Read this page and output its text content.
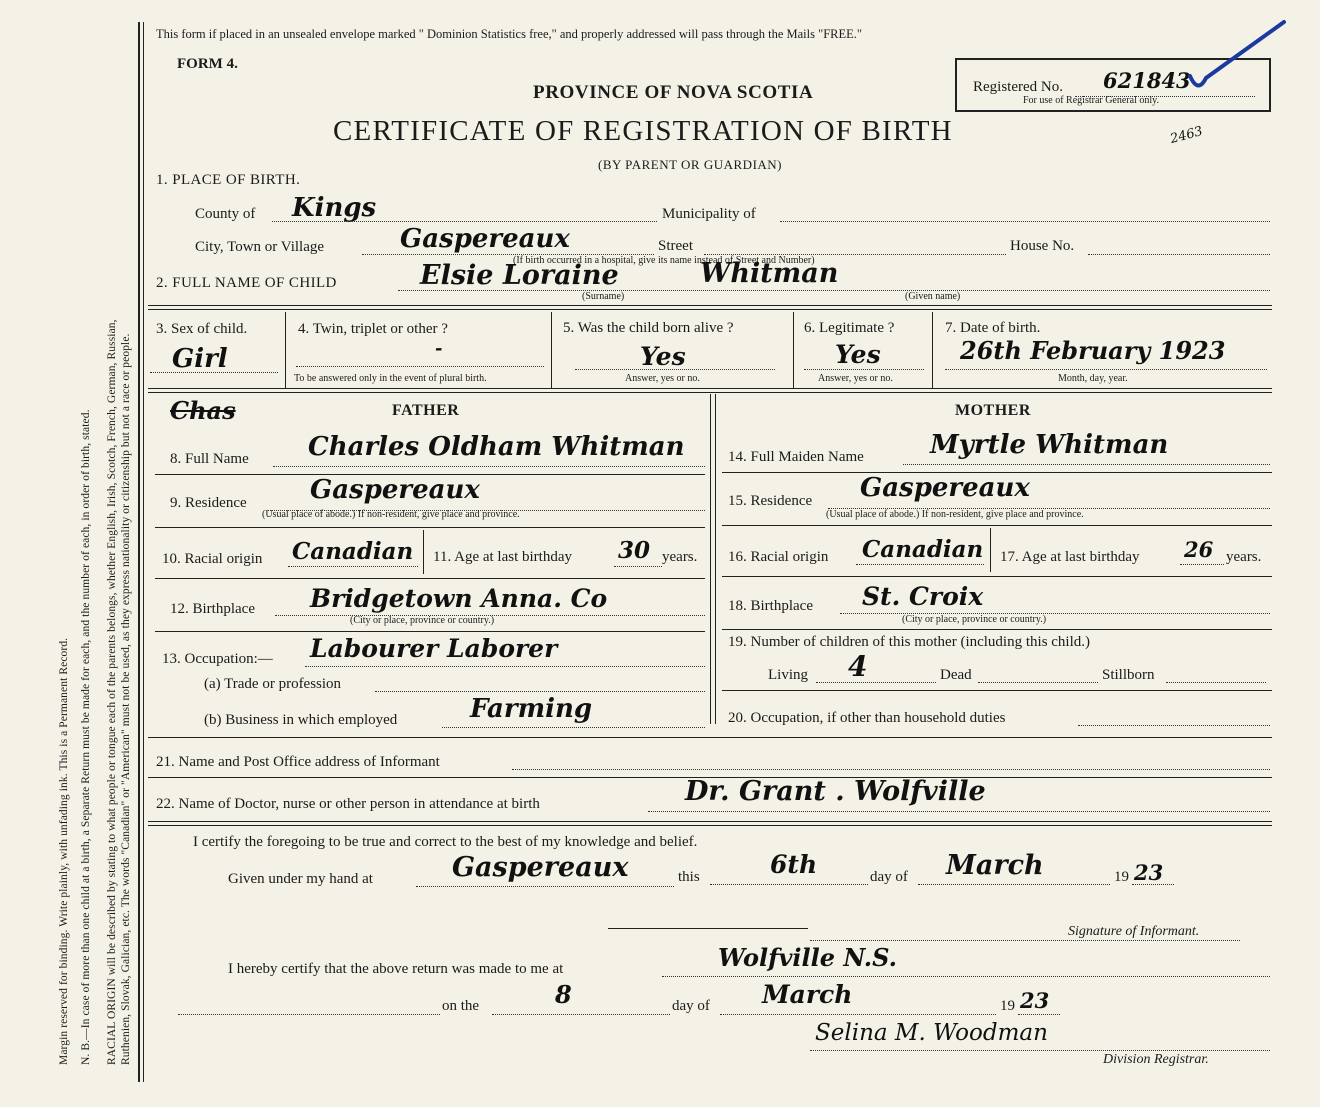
Margin reserved for binding. Write plainly, with unfading ink. This is a Permanent Record. N. B.—In case of more than one child at a birth, a Separate Return must be made for each, and the number of each, in order of birth, stated. RACIAL ORIGIN will be described by stating to what people or tongue each of the parents belongs, whether English, Irish, Scotch, French, German, Russian, Ruthenien, Slovak, Galician, etc. The words "Canadian" or "American" must not be used, as they express nationality or citizenship but not a race or people.
This form if placed in an unsealed envelope marked " Dominion Statistics free," and properly addressed will pass through the Mails "FREE."
FORM 4.
PROVINCE OF NOVA SCOTIA
CERTIFICATE OF REGISTRATION OF BIRTH
(BY PARENT OR GUARDIAN)
Registered No. 621843
For use of Registrar General only.
2463
1. PLACE OF BIRTH.
County of Kings	Municipality of
City, Town or Village	Gaspereaux	Street	House No.
(If birth occurred in a hospital, give its name instead of Street and Number)
2. FULL NAME OF CHILD	Elsie Loraine	Whitman
(Surname)	(Given name)
3. Sex of child.
Girl
4. Twin, triplet or other ?
-
To be answered only in the event of plural birth.
5. Was the child born alive ?
Yes
Answer, yes or no.
6. Legitimate ?
Yes
Answer, yes or no.
7. Date of birth.
26th February 1923
Month, day, year.
Chas	FATHER
8. Full Name Charles Oldham Whitman
9. Residence Gaspereaux
(Usual place of abode.) If non-resident, give place and province.
10. Racial origin Canadian 11. Age at last birthday 30 years.
12. Birthplace Bridgetown Anna. Co
(City or place, province or country.)
13. Occupation:— Labourer Laborer
(a) Trade or profession
(b) Business in which employed	Farming
MOTHER
14. Full Maiden Name	Myrtle Whitman
15. Residence Gaspereaux
(Usual place of abode.) If non-resident, give place and province.
16. Racial origin Canadian 17. Age at last birthday 26 years.
18. Birthplace St. Croix
(City or place, province or country.)
19. Number of children of this mother (including this child.)
Living 4	Dead	Stillborn
20. Occupation, if other than household duties
21. Name and Post Office address of Informant
22. Name of Doctor, nurse or other person in attendance at birth	Dr. Grant . Wolfville
I certify the foregoing to be true and correct to the best of my knowledge and belief.
Given under my hand at	Gaspereaux	this	6th	day of March	19 23
Signature of Informant.
I hereby certify that the above return was made to me at	Wolfville N.S.
on the	8	day of March	19 23
Selina M. Woodman
Division Registrar.
